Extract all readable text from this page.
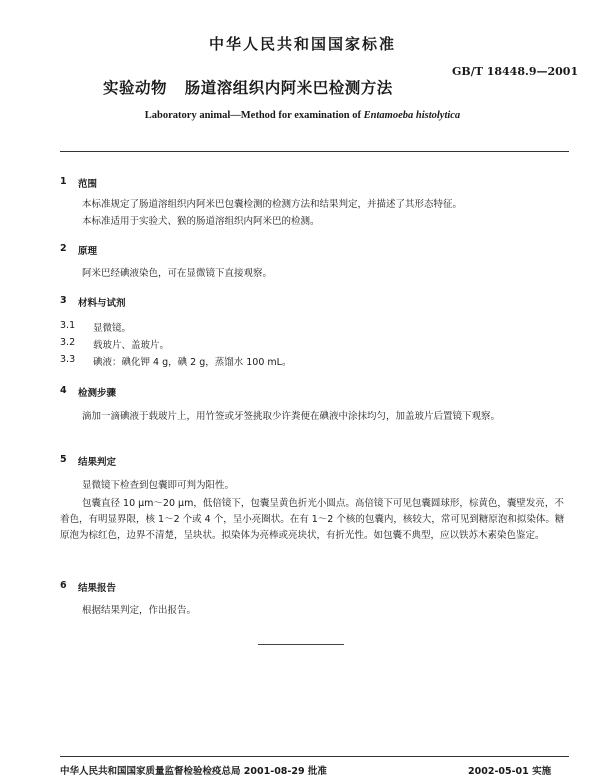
中华人民共和国国家标准
GB/T 18448.9—2001
实验动物   肠道溶组织内阿米巴检测方法
Laboratory animal—Method for examination of Entamoeba histolytica
1 范围
本标准规定了肠道溶组织内阿米巴包囊检测的检测方法和结果判定，并描述了其形态特征。
本标准适用于实验犬、猴的肠道溶组织内阿米巴的检测。
2 原理
阿米巴经碘液染色，可在显微镜下直接观察。
3 材料与试剂
3.1 显微镜。
3.2 载玻片、盖玻片。
3.3 碘液：碘化钾 4 g，碘 2 g，蒸馏水 100 mL。
4 检测步骤
滴加一滴碘液于载玻片上，用竹签或牙签挑取少许粪便在碘液中涂抹均匀，加盖玻片后置镜下观察。
5 结果判定
显微镜下检查到包囊即可判为阳性。
包囊直径 10 μm～20 μm，低倍镜下，包囊呈黄色折光小圆点。高倍镜下可见包囊圆球形，棕黄色，囊壁发亮，不着色，有明显界限，核 1～2 个或 4 个，呈小亮圈状。在有 1～2 个核的包囊内，核较大，常可见到糖原泡和拟染体。糖原泡为棕红色，边界不清楚，呈块状。拟染体为亮棒或亮块状，有折光性。如包囊不典型，应以铁苏木素染色鉴定。
6 结果报告
根据结果判定，作出报告。
中华人民共和国国家质量监督检验检疫总局 2001-08-29 批准	2002-05-01 实施
